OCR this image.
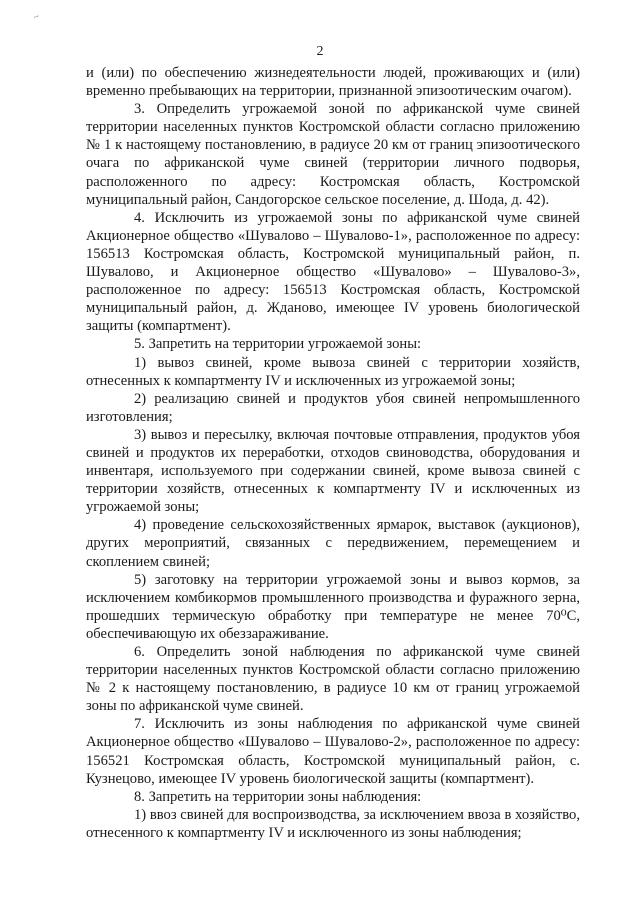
~
2

и (или) по обеспечению жизнедеятельности людей, проживающих и (или) временно пребывающих на территории, признанной эпизоотическим очагом).

3. Определить угрожаемой зоной по африканской чуме свиней территории населенных пунктов Костромской области согласно приложению № 1 к настоящему постановлению, в радиусе 20 км от границ эпизоотического очага по африканской чуме свиней (территории личного подворья, расположенного по адресу: Костромская область, Костромской муниципальный район, Сандогорское сельское поселение, д. Шода, д. 42).

4. Исключить из угрожаемой зоны по африканской чуме свиней Акционерное общество «Шувалово – Шувалово-1», расположенное по адресу: 156513 Костромская область, Костромской муниципальный район, п. Шувалово, и Акционерное общество «Шувалово» – Шувалово-3», расположенное по адресу: 156513 Костромская область, Костромской муниципальный район, д. Жданово, имеющее IV уровень биологической защиты (компартмент).

5. Запретить на территории угрожаемой зоны:

1) вывоз свиней, кроме вывоза свиней с территории хозяйств, отнесенных к компартменту IV и исключенных из угрожаемой зоны;

2) реализацию свиней и продуктов убоя свиней непромышленного изготовления;

3) вывоз и пересылку, включая почтовые отправления, продуктов убоя свиней и продуктов их переработки, отходов свиноводства, оборудования и инвентаря, используемого при содержании свиней, кроме вывоза свиней с территории хозяйств, отнесенных к компартменту IV и исключенных из угрожаемой зоны;

4) проведение сельскохозяйственных ярмарок, выставок (аукционов), других мероприятий, связанных с передвижением, перемещением и скоплением свиней;

5) заготовку на территории угрожаемой зоны и вывоз кормов, за исключением комбикормов промышленного производства и фуражного зерна, прошедших термическую обработку при температуре не менее 70⁰С, обеспечивающую их обеззараживание.

6. Определить зоной наблюдения по африканской чуме свиней территории населенных пунктов Костромской области согласно приложению № 2 к настоящему постановлению, в радиусе 10 км от границ угрожаемой зоны по африканской чуме свиней.

7. Исключить из зоны наблюдения по африканской чуме свиней Акционерное общество «Шувалово – Шувалово-2», расположенное по адресу: 156521 Костромская область, Костромской муниципальный район, с. Кузнецово, имеющее IV уровень биологической защиты (компартмент).

8. Запретить на территории зоны наблюдения:

1) ввоз свиней для воспроизводства, за исключением ввоза в хозяйство, отнесенного к компартменту IV и исключенного из зоны наблюдения;
